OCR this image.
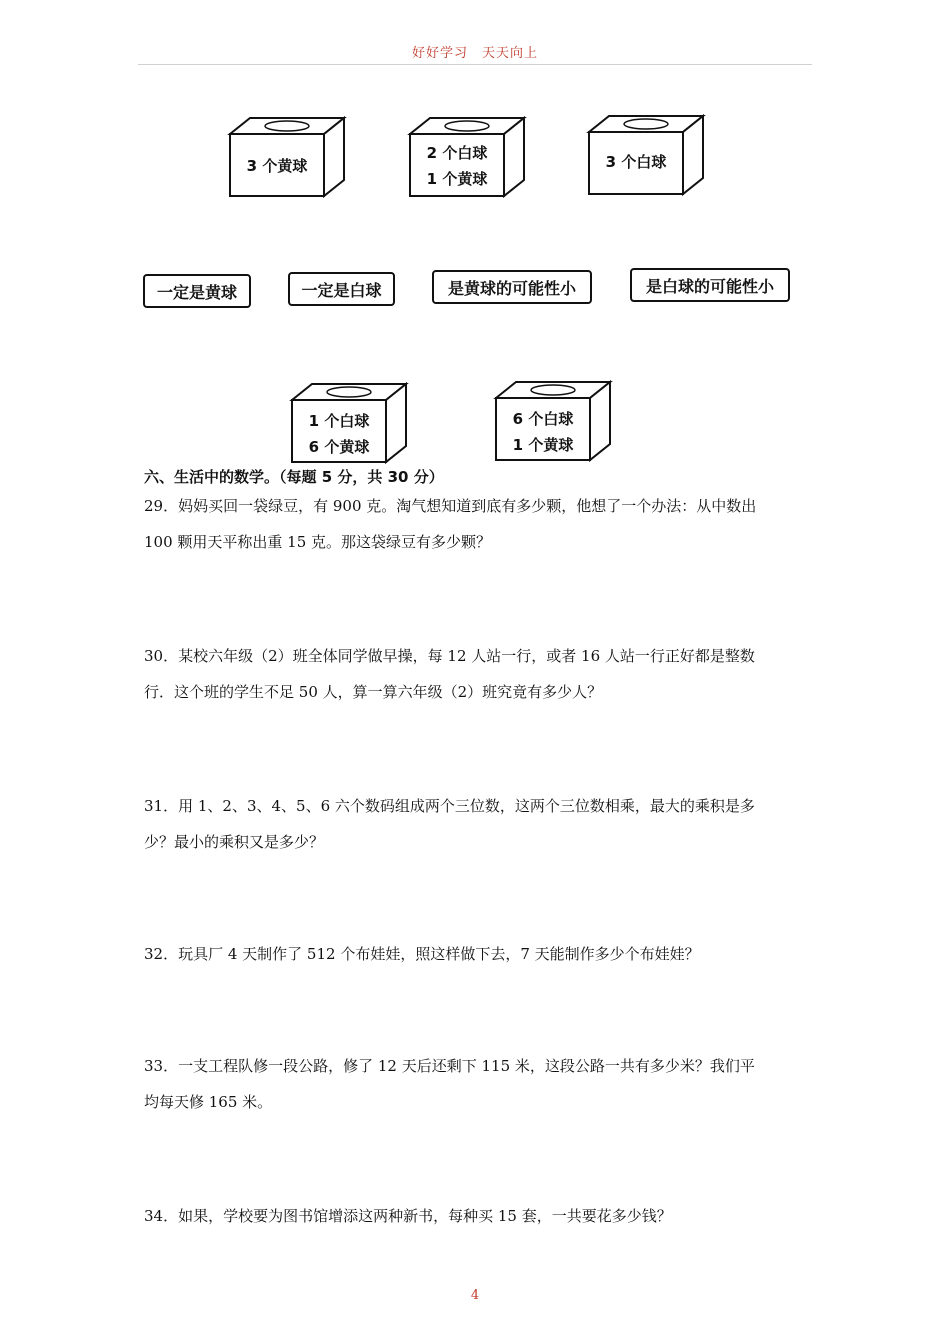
好好学习　天天向上
3 个黄球
2 个白球
1 个黄球
3 个白球
一定是黄球	一定是白球	是黄球的可能性小	是白球的可能性小
1 个白球
6 个黄球
6 个白球
1 个黄球
六、生活中的数学。（每题 5 分，共 30 分）
29．妈妈买回一袋绿豆，有 900 克。淘气想知道到底有多少颗，他想了一个办法：从中数出
100 颗用天平称出重 15 克。那这袋绿豆有多少颗？
30．某校六年级（2）班全体同学做早操，每 12 人站一行，或者 16 人站一行正好都是整数
行．这个班的学生不足 50 人，算一算六年级（2）班究竟有多少人？
31．用 1、2、3、4、5、6 六个数码组成两个三位数，这两个三位数相乘，最大的乘积是多
少？最小的乘积又是多少？
32．玩具厂 4 天制作了 512 个布娃娃，照这样做下去，7 天能制作多少个布娃娃？
33．一支工程队修一段公路，修了 12 天后还剩下 115 米，这段公路一共有多少米？我们平
均每天修 165 米。
34．如果，学校要为图书馆增添这两种新书，每种买 15 套，一共要花多少钱？
4
